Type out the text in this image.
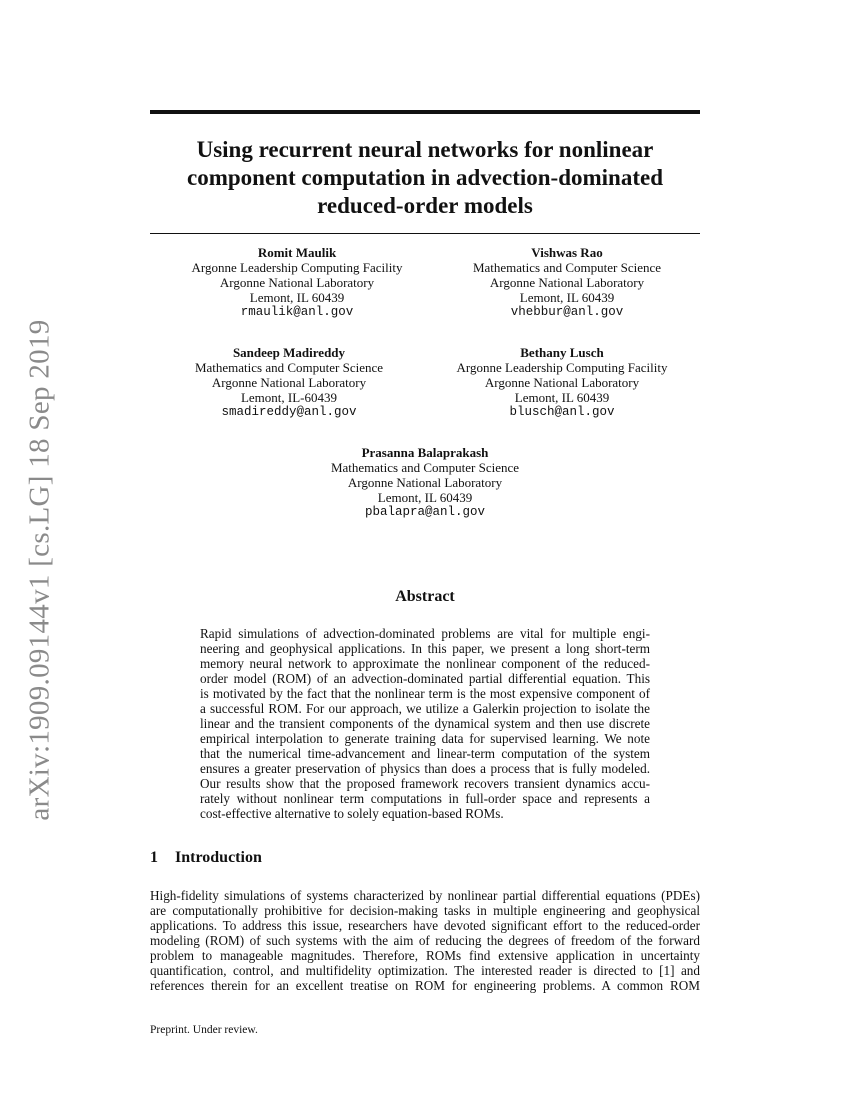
arXiv:1909.09144v1 [cs.LG] 18 Sep 2019
Using recurrent neural networks for nonlinear
component computation in advection-dominated
reduced-order models
Romit Maulik
Argonne Leadership Computing Facility
Argonne National Laboratory
Lemont, IL 60439
rmaulik@anl.gov
Vishwas Rao
Mathematics and Computer Science
Argonne National Laboratory
Lemont, IL 60439
vhebbur@anl.gov
Sandeep Madireddy
Mathematics and Computer Science
Argonne National Laboratory
Lemont, IL-60439
smadireddy@anl.gov
Bethany Lusch
Argonne Leadership Computing Facility
Argonne National Laboratory
Lemont, IL 60439
blusch@anl.gov
Prasanna Balaprakash
Mathematics and Computer Science
Argonne National Laboratory
Lemont, IL 60439
pbalapra@anl.gov
Abstract
Rapid simulations of advection-dominated problems are vital for multiple engi-
neering and geophysical applications. In this paper, we present a long short-term
memory neural network to approximate the nonlinear component of the reduced-
order model (ROM) of an advection-dominated partial differential equation. This
is motivated by the fact that the nonlinear term is the most expensive component of
a successful ROM. For our approach, we utilize a Galerkin projection to isolate the
linear and the transient components of the dynamical system and then use discrete
empirical interpolation to generate training data for supervised learning. We note
that the numerical time-advancement and linear-term computation of the system
ensures a greater preservation of physics than does a process that is fully modeled.
Our results show that the proposed framework recovers transient dynamics accu-
rately without nonlinear term computations in full-order space and represents a
cost-effective alternative to solely equation-based ROMs.
1 Introduction
High-fidelity simulations of systems characterized by nonlinear partial differential equations (PDEs)
are computationally prohibitive for decision-making tasks in multiple engineering and geophysical
applications. To address this issue, researchers have devoted significant effort to the reduced-order
modeling (ROM) of such systems with the aim of reducing the degrees of freedom of the forward
problem to manageable magnitudes. Therefore, ROMs find extensive application in uncertainty
quantification, control, and multifidelity optimization. The interested reader is directed to [1] and
references therein for an excellent treatise on ROM for engineering problems. A common ROM
Preprint. Under review.
